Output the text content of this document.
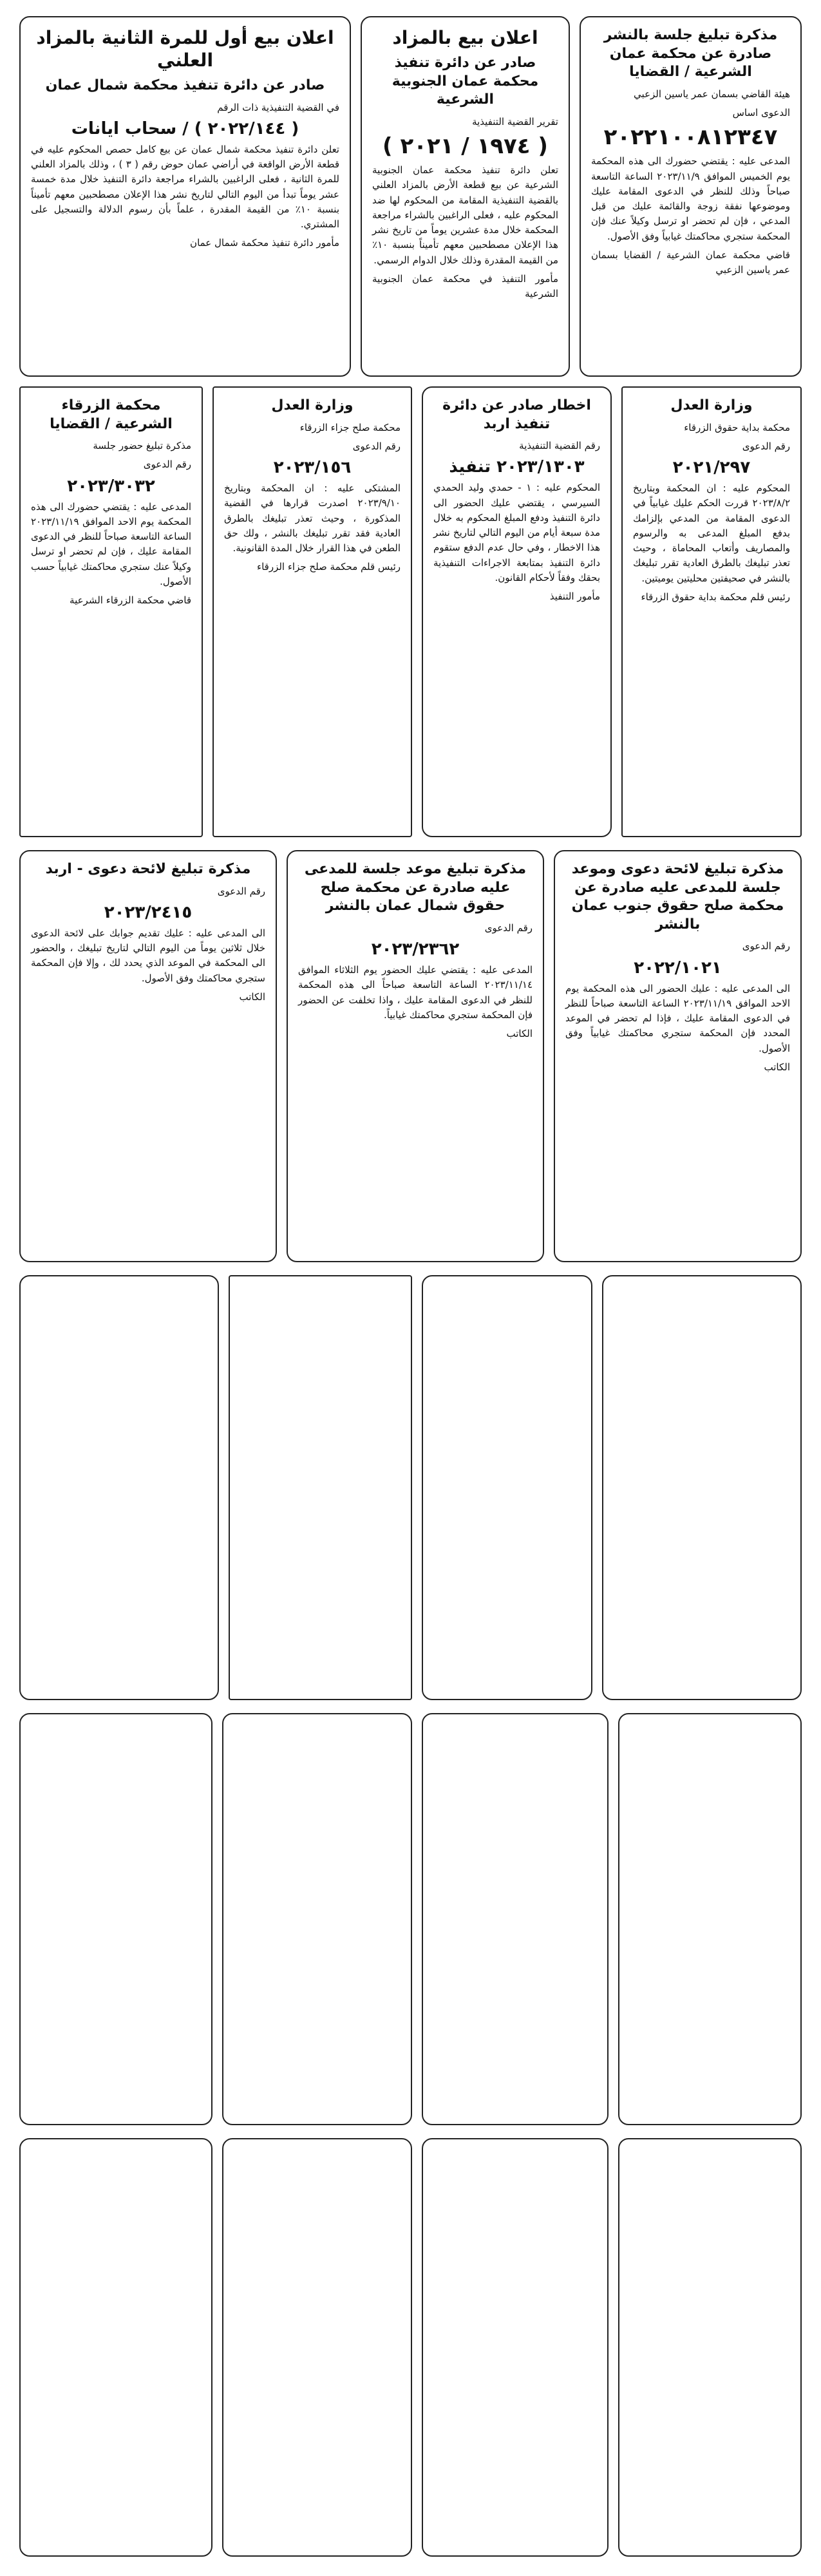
مذكرة تبليغ جلسة بالنشر صادرة عن محكمة عمان الشرعية / القضايا

هيئة القاضي بسمان عمر ياسين الزعبي

الدعوى اساس

٢٠٢٢١٠٠٨١٢٣٤٧

المدعى عليه : يقتضي حضورك الى هذه المحكمة يوم الخميس الموافق ٢٠٢٣/١١/٩ الساعة التاسعة صباحاً وذلك للنظر في الدعوى المقامة عليك وموضوعها نفقة زوجة والقائمة عليك من قبل المدعي ، فإن لم تحضر او ترسل وكيلاً عنك فإن المحكمة ستجري محاكمتك غيابياً وفق الأصول.

قاضي محكمة عمان الشرعية / القضايا بسمان عمر ياسين الزعبي

اعلان بيع بالمزاد
صادر عن دائرة تنفيذ محكمة عمان الجنوبية الشرعية

تقرير القضية التنفيذية

( ١٩٧٤ / ٢٠٢١ )

تعلن دائرة تنفيذ محكمة عمان الجنوبية الشرعية عن بيع قطعة الأرض بالمزاد العلني بالقضية التنفيذية المقامة من المحكوم لها ضد المحكوم عليه ، فعلى الراغبين بالشراء مراجعة المحكمة خلال مدة عشرين يوماً من تاريخ نشر هذا الإعلان مصطحبين معهم تأميناً بنسبة ١٠٪ من القيمة المقدرة وذلك خلال الدوام الرسمي.

مأمور التنفيذ في محكمة عمان الجنوبية الشرعية

اعلان بيع أول للمرة الثانية بالمزاد العلني
صادر عن دائرة تنفيذ محكمة شمال عمان

في القضية التنفيذية ذات الرقم

( ٢٠٢٢/١٤٤ ) / سحاب ايانات

تعلن دائرة تنفيذ محكمة شمال عمان عن بيع كامل حصص المحكوم عليه في قطعة الأرض الواقعة في أراضي عمان حوض رقم ( ٣ ) ، وذلك بالمزاد العلني للمرة الثانية ، فعلى الراغبين بالشراء مراجعة دائرة التنفيذ خلال مدة خمسة عشر يوماً تبدأ من اليوم التالي لتاريخ نشر هذا الإعلان مصطحبين معهم تأميناً بنسبة ١٠٪ من القيمة المقدرة ، علماً بأن رسوم الدلالة والتسجيل على المشتري.

مأمور دائرة تنفيذ محكمة شمال عمان

وزارة العدل

محكمة بداية حقوق الزرقاء

رقم الدعوى

٢٠٢١/٢٩٧

المحكوم عليه : ان المحكمة وبتاريخ ٢٠٢٣/٨/٢ قررت الحكم عليك غيابياً في الدعوى المقامة من المدعي بإلزامك بدفع المبلغ المدعى به والرسوم والمصاريف وأتعاب المحاماة ، وحيث تعذر تبليغك بالطرق العادية تقرر تبليغك بالنشر في صحيفتين محليتين يوميتين.

رئيس قلم محكمة بداية حقوق الزرقاء

اخطار صادر عن دائرة تنفيذ اربد

رقم القضية التنفيذية

٢٠٢٣/١٣٠٣ تنفيذ

المحكوم عليه : ١ - حمدي وليد الحمدي السيرسي ، يقتضي عليك الحضور الى دائرة التنفيذ ودفع المبلغ المحكوم به خلال مدة سبعة أيام من اليوم التالي لتاريخ نشر هذا الاخطار ، وفي حال عدم الدفع ستقوم دائرة التنفيذ بمتابعة الاجراءات التنفيذية بحقك وفقاً لأحكام القانون.

مأمور التنفيذ

وزارة العدل

محكمة صلح جزاء الزرقاء

رقم الدعوى

٢٠٢٣/١٥٦

المشتكى عليه : ان المحكمة وبتاريخ ٢٠٢٣/٩/١٠ اصدرت قرارها في القضية المذكورة ، وحيث تعذر تبليغك بالطرق العادية فقد تقرر تبليغك بالنشر ، ولك حق الطعن في هذا القرار خلال المدة القانونية.

رئيس قلم محكمة صلح جزاء الزرقاء

محكمة الزرقاء الشرعية / القضايا

مذكرة تبليغ حضور جلسة

رقم الدعوى

٢٠٢٣/٣٠٣٢

المدعى عليه : يقتضي حضورك الى هذه المحكمة يوم الاحد الموافق ٢٠٢٣/١١/١٩ الساعة التاسعة صباحاً للنظر في الدعوى المقامة عليك ، فإن لم تحضر او ترسل وكيلاً عنك ستجري محاكمتك غيابياً حسب الأصول.

قاضي محكمة الزرقاء الشرعية

مذكرة تبليغ لائحة دعوى وموعد جلسة للمدعى عليه صادرة عن محكمة صلح حقوق جنوب عمان بالنشر

رقم الدعوى

٢٠٢٢/١٠٢١

الى المدعى عليه : عليك الحضور الى هذه المحكمة يوم الاحد الموافق ٢٠٢٣/١١/١٩ الساعة التاسعة صباحاً للنظر في الدعوى المقامة عليك ، فإذا لم تحضر في الموعد المحدد فإن المحكمة ستجري محاكمتك غيابياً وفق الأصول.

الكاتب

مذكرة تبليغ موعد جلسة للمدعى عليه صادرة عن محكمة صلح حقوق شمال عمان بالنشر

رقم الدعوى

٢٠٢٣/٢٣٦٢

المدعى عليه : يقتضي عليك الحضور يوم الثلاثاء الموافق ٢٠٢٣/١١/١٤ الساعة التاسعة صباحاً الى هذه المحكمة للنظر في الدعوى المقامة عليك ، واذا تخلفت عن الحضور فإن المحكمة ستجري محاكمتك غيابياً.

الكاتب

مذكرة تبليغ لائحة دعوى - اربد

رقم الدعوى

٢٠٢٣/٢٤١٥

الى المدعى عليه : عليك تقديم جوابك على لائحة الدعوى خلال ثلاثين يوماً من اليوم التالي لتاريخ تبليغك ، والحضور الى المحكمة في الموعد الذي يحدد لك ، وإلا فإن المحكمة ستجري محاكمتك وفق الأصول.

الكاتب
